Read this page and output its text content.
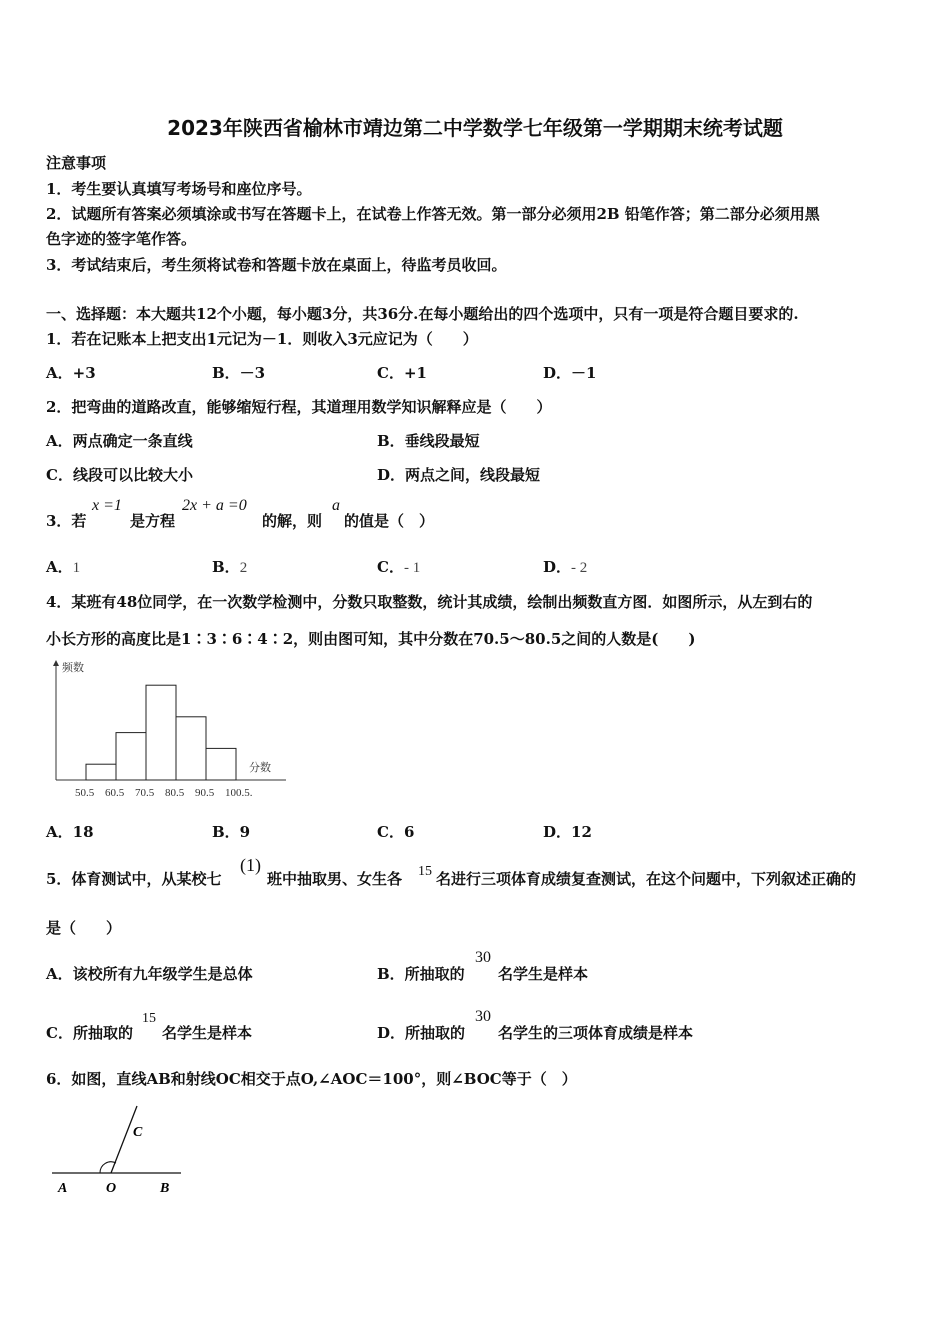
2023年陕西省榆林市靖边第二中学数学七年级第一学期期末统考试题
注意事项
1．考生要认真填写考场号和座位序号。
2．试题所有答案必须填涂或书写在答题卡上，在试卷上作答无效。第一部分必须用2B 铅笔作答；第二部分必须用黑
色字迹的签字笔作答。
3．考试结束后，考生须将试卷和答题卡放在桌面上，待监考员收回。
一、选择题：本大题共12个小题，每小题3分，共36分.在每小题给出的四个选项中，只有一项是符合题目要求的.
1．若在记账本上把支出1元记为－1．则收入3元应记为（　　）
A．+3	B．－3	C．+1	D．－1
2．把弯曲的道路改直，能够缩短行程，其道理用数学知识解释应是（　　）
A．两点确定一条直线	B．垂线段最短
C．线段可以比较大小	D．两点之间，线段最短
3．若
x =1
是方程
2x + a =0
的解，则
a
的值是（　）
A．1	B．2	C．- 1	D．- 2
4．某班有48位同学，在一次数学检测中，分数只取整数，统计其成绩，绘制出频数直方图．如图所示，从左到右的
小长方形的高度比是1∶3∶6∶4∶2，则由图可知，其中分数在70.5～80.5之间的人数是(　　)
频数
分数
50.5 60.5 70.5 80.5 90.5 100.5.
A．18	B．9	C．6	D．12
5．体育测试中，从某校七
(1)
班中抽取男、女生各 15 名进行三项体育成绩复查测试，在这个问题中，下列叙述正确的
是（　　）
A．该校所有九年级学生是总体	B．所抽取的
30
名学生是样本
C．所抽取的
15
名学生是样本	D．所抽取的
30
名学生的三项体育成绩是样本
6．如图，直线AB和射线OC相交于点O,∠AOC＝100°，则∠BOC等于（　）
C
A	O	B
